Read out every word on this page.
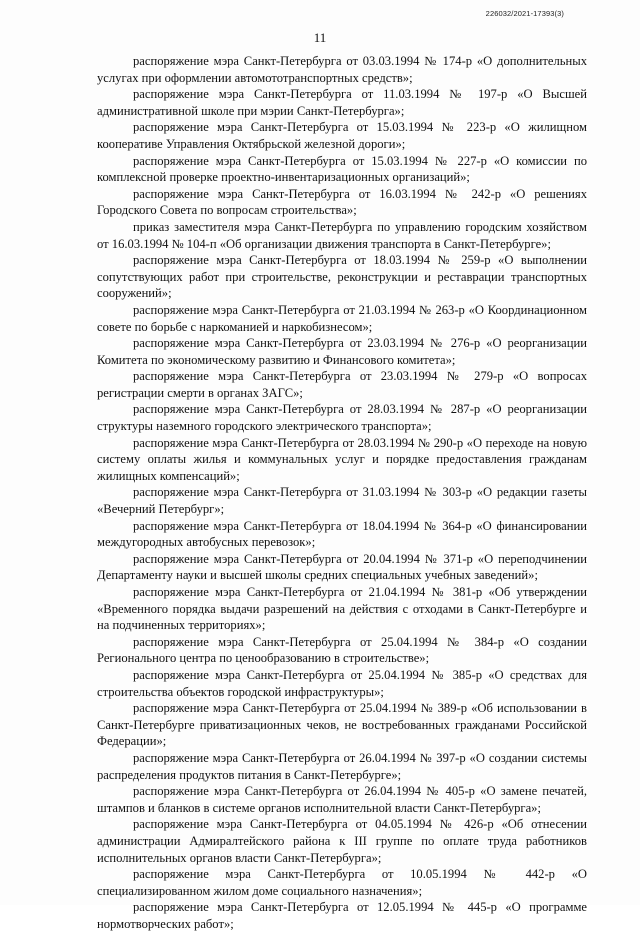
226032/2021-17393(3)
11

распоряжение мэра Санкт-Петербурга от 03.03.1994 № 174-р «О дополнительных услугах при оформлении автомототранспортных средств»;

распоряжение мэра Санкт-Петербурга от 11.03.1994 № 197-р «О Высшей административной школе при мэрии Санкт-Петербурга»;

распоряжение мэра Санкт-Петербурга от 15.03.1994 № 223-р «О жилищном кооперативе Управления Октябрьской железной дороги»;

распоряжение мэра Санкт-Петербурга от 15.03.1994 № 227-р «О комиссии по комплексной проверке проектно-инвентаризационных организаций»;

распоряжение мэра Санкт-Петербурга от 16.03.1994 № 242-р «О решениях Городского Совета по вопросам строительства»;

приказ заместителя мэра Санкт-Петербурга по управлению городским хозяйством от 16.03.1994 № 104-п «Об организации движения транспорта в Санкт-Петербурге»;

распоряжение мэра Санкт-Петербурга от 18.03.1994 № 259-р «О выполнении сопутствующих работ при строительстве, реконструкции и реставрации транспортных сооружений»;

распоряжение мэра Санкт-Петербурга от 21.03.1994 № 263-р «О Координационном совете по борьбе с наркоманией и наркобизнесом»;

распоряжение мэра Санкт-Петербурга от 23.03.1994 № 276-р «О реорганизации Комитета по экономическому развитию и Финансового комитета»;

распоряжение мэра Санкт-Петербурга от 23.03.1994 № 279-р «О вопросах регистрации смерти в органах ЗАГС»;

распоряжение мэра Санкт-Петербурга от 28.03.1994 № 287-р «О реорганизации структуры наземного городского электрического транспорта»;

распоряжение мэра Санкт-Петербурга от 28.03.1994 № 290-р «О переходе на новую систему оплаты жилья и коммунальных услуг и порядке предоставления гражданам жилищных компенсаций»;

распоряжение мэра Санкт-Петербурга от 31.03.1994 № 303-р «О редакции газеты «Вечерний Петербург»;

распоряжение мэра Санкт-Петербурга от 18.04.1994 № 364-р «О финансировании междугородных автобусных перевозок»;

распоряжение мэра Санкт-Петербурга от 20.04.1994 № 371-р «О переподчинении Департаменту науки и высшей школы средних специальных учебных заведений»;

распоряжение мэра Санкт-Петербурга от 21.04.1994 № 381-р «Об утверждении «Временного порядка выдачи разрешений на действия с отходами в Санкт-Петербурге и на подчиненных территориях»;

распоряжение мэра Санкт-Петербурга от 25.04.1994 № 384-р «О создании Регионального центра по ценообразованию в строительстве»;

распоряжение мэра Санкт-Петербурга от 25.04.1994 № 385-р «О средствах для строительства объектов городской инфраструктуры»;

распоряжение мэра Санкт-Петербурга от 25.04.1994 № 389-р «Об использовании в Санкт-Петербурге приватизационных чеков, не востребованных гражданами Российской Федерации»;

распоряжение мэра Санкт-Петербурга от 26.04.1994 № 397-р «О создании системы распределения продуктов питания в Санкт-Петербурге»;

распоряжение мэра Санкт-Петербурга от 26.04.1994 № 405-р «О замене печатей, штампов и бланков в системе органов исполнительной власти Санкт-Петербурга»;

распоряжение мэра Санкт-Петербурга от 04.05.1994 № 426-р «Об отнесении администрации Адмиралтейского района к III группе по оплате труда работников исполнительных органов власти Санкт-Петербурга»;

распоряжение мэра Санкт-Петербурга от 10.05.1994 № 442-р «О специализированном жилом доме социального назначения»;

распоряжение мэра Санкт-Петербурга от 12.05.1994 № 445-р «О программе нормотворческих работ»;
